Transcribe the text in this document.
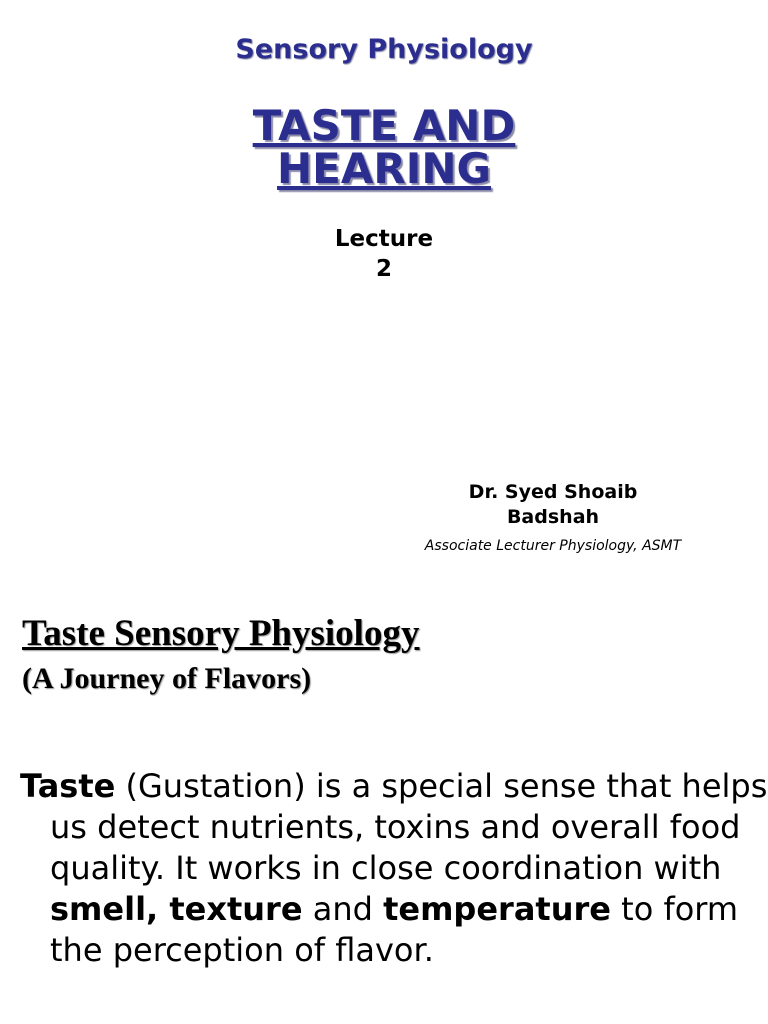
Sensory Physiology
TASTE AND
HEARING
Lecture
2
Dr. Syed Shoaib
Badshah
Associate Lecturer Physiology, ASMT
Taste Sensory Physiology
(A Journey of Flavors)
Taste (Gustation) is a special sense that helps us detect nutrients, toxins and overall food quality. It works in close coordination with smell, texture and temperature to form the perception of flavor.
